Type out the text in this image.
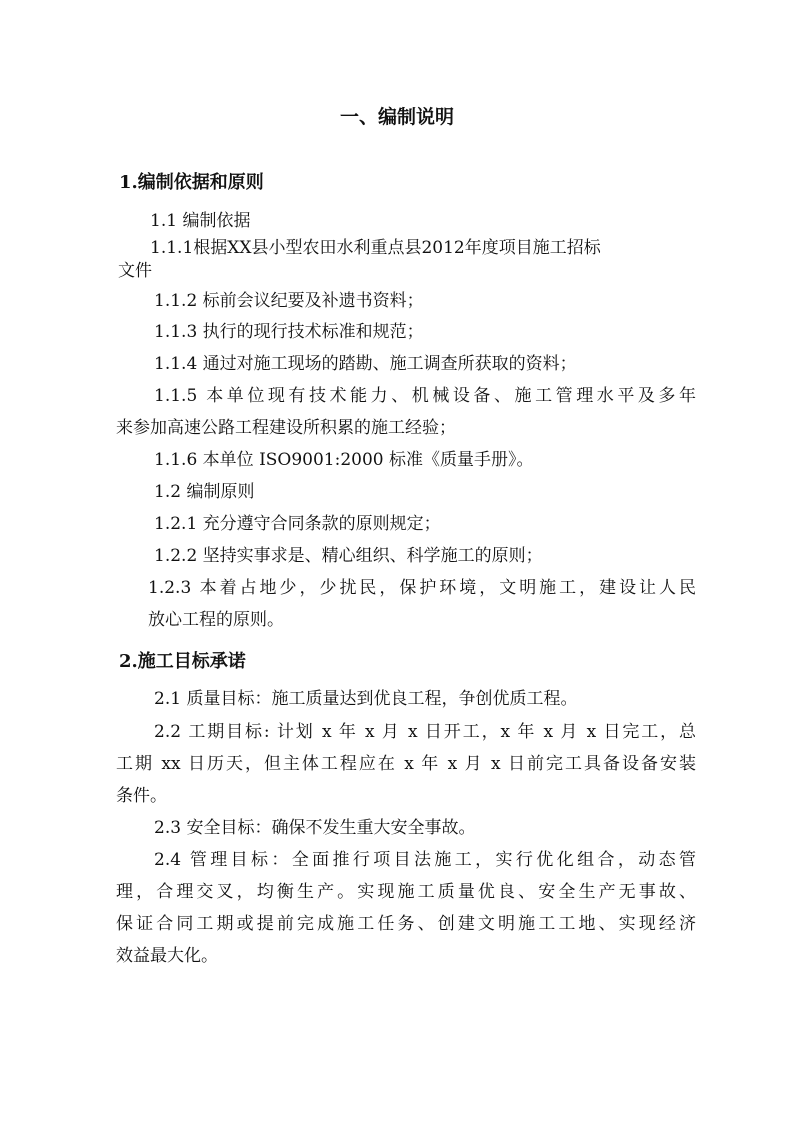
一、编制说明
1.编制依据和原则
1.1 编制依据
1.1.1根据XX县小型农田水利重点县2012年度项目施工招标
文件
1.1.2 标前会议纪要及补遗书资料；
1.1.3 执行的现行技术标准和规范；
1.1.4 通过对施工现场的踏勘、施工调查所获取的资料；
1.1.5 本单位现有技术能力、机械设备、施工管理水平及多年
来参加高速公路工程建设所积累的施工经验；
1.1.6 本单位 ISO9001:2000 标准《质量手册》。
1.2 编制原则
1.2.1 充分遵守合同条款的原则规定；
1.2.2 坚持实事求是、精心组织、科学施工的原则；
1.2.3 本着占地少，少扰民，保护环境，文明施工，建设让人民
放心工程的原则。
2.施工目标承诺
2.1 质量目标：施工质量达到优良工程，争创优质工程。
2.2 工期目标: 计划 x 年 x 月 x 日开工，x 年 x 月 x 日完工，总
工期 xx 日历天，但主体工程应在 x 年 x 月 x 日前完工具备设备安装
条件。
2.3 安全目标：确保不发生重大安全事故。
2.4 管理目标：全面推行项目法施工，实行优化组合，动态管
理，合理交叉，均衡生产。实现施工质量优良、安全生产无事故、
保证合同工期或提前完成施工任务、创建文明施工工地、实现经济
效益最大化。
